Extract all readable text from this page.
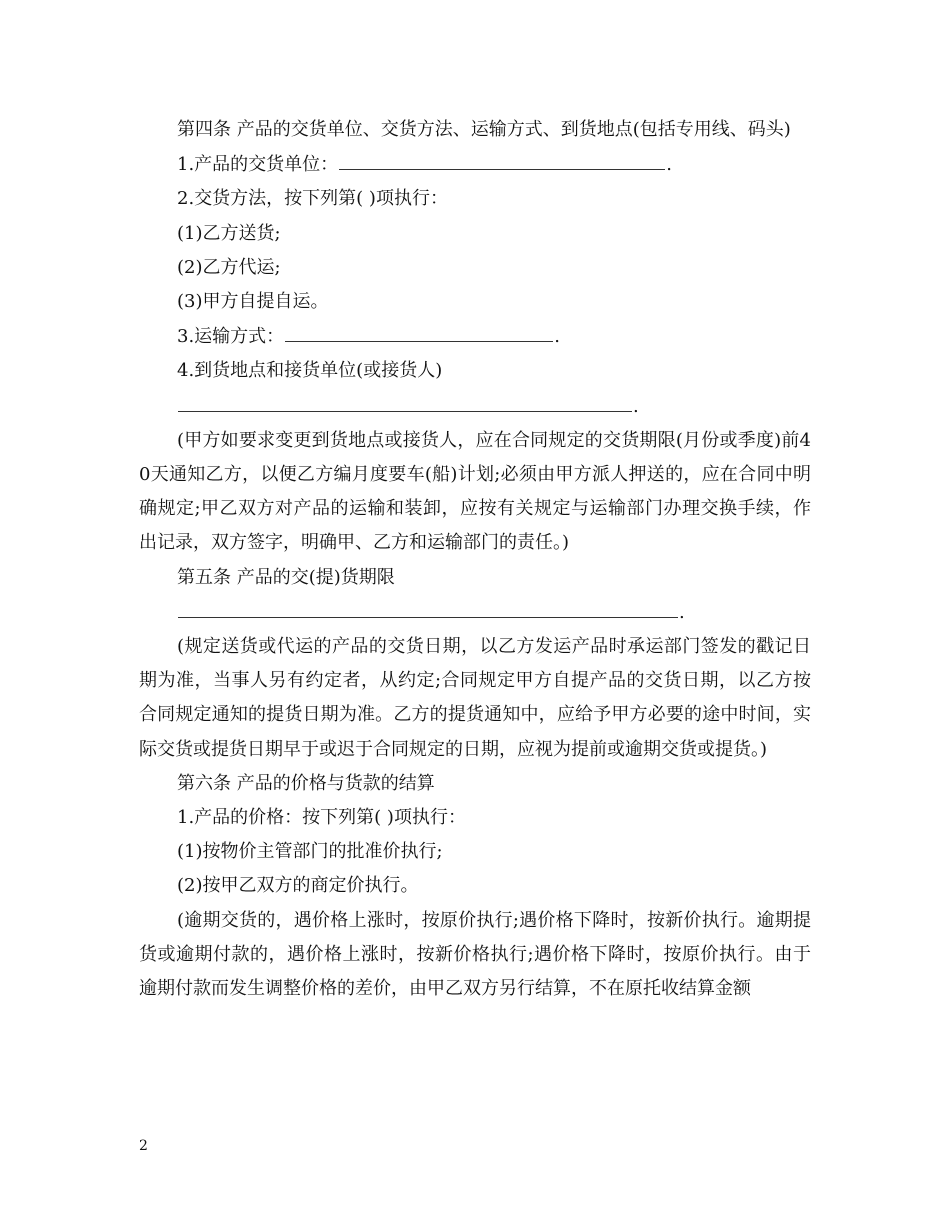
第四条 产品的交货单位、交货方法、运输方式、到货地点(包括专用线、码头)

1.产品的交货单位：	.

2.交货方法，按下列第( )项执行：

(1)乙方送货;

(2)乙方代运;

(3)甲方自提自运。

3.运输方式：	.

4.到货地点和接货单位(或接货人)

.

(甲方如要求变更到货地点或接货人，应在合同规定的交货期限(月份或季度)前40天通知乙方，以便乙方编月度要车(船)计划;必须由甲方派人押送的，应在合同中明确规定;甲乙双方对产品的运输和装卸，应按有关规定与运输部门办理交换手续，作出记录，双方签字，明确甲、乙方和运输部门的责任。)

第五条 产品的交(提)货期限

.

(规定送货或代运的产品的交货日期，以乙方发运产品时承运部门签发的戳记日期为准，当事人另有约定者，从约定;合同规定甲方自提产品的交货日期，以乙方按合同规定通知的提货日期为准。乙方的提货通知中，应给予甲方必要的途中时间，实际交货或提货日期早于或迟于合同规定的日期，应视为提前或逾期交货或提货。)

第六条 产品的价格与货款的结算

1.产品的价格：按下列第( )项执行：

(1)按物价主管部门的批准价执行;

(2)按甲乙双方的商定价执行。

(逾期交货的，遇价格上涨时，按原价执行;遇价格下降时，按新价执行。逾期提货或逾期付款的，遇价格上涨时，按新价格执行;遇价格下降时，按原价执行。由于逾期付款而发生调整价格的差价，由甲乙双方另行结算，不在原托收结算金额

2
